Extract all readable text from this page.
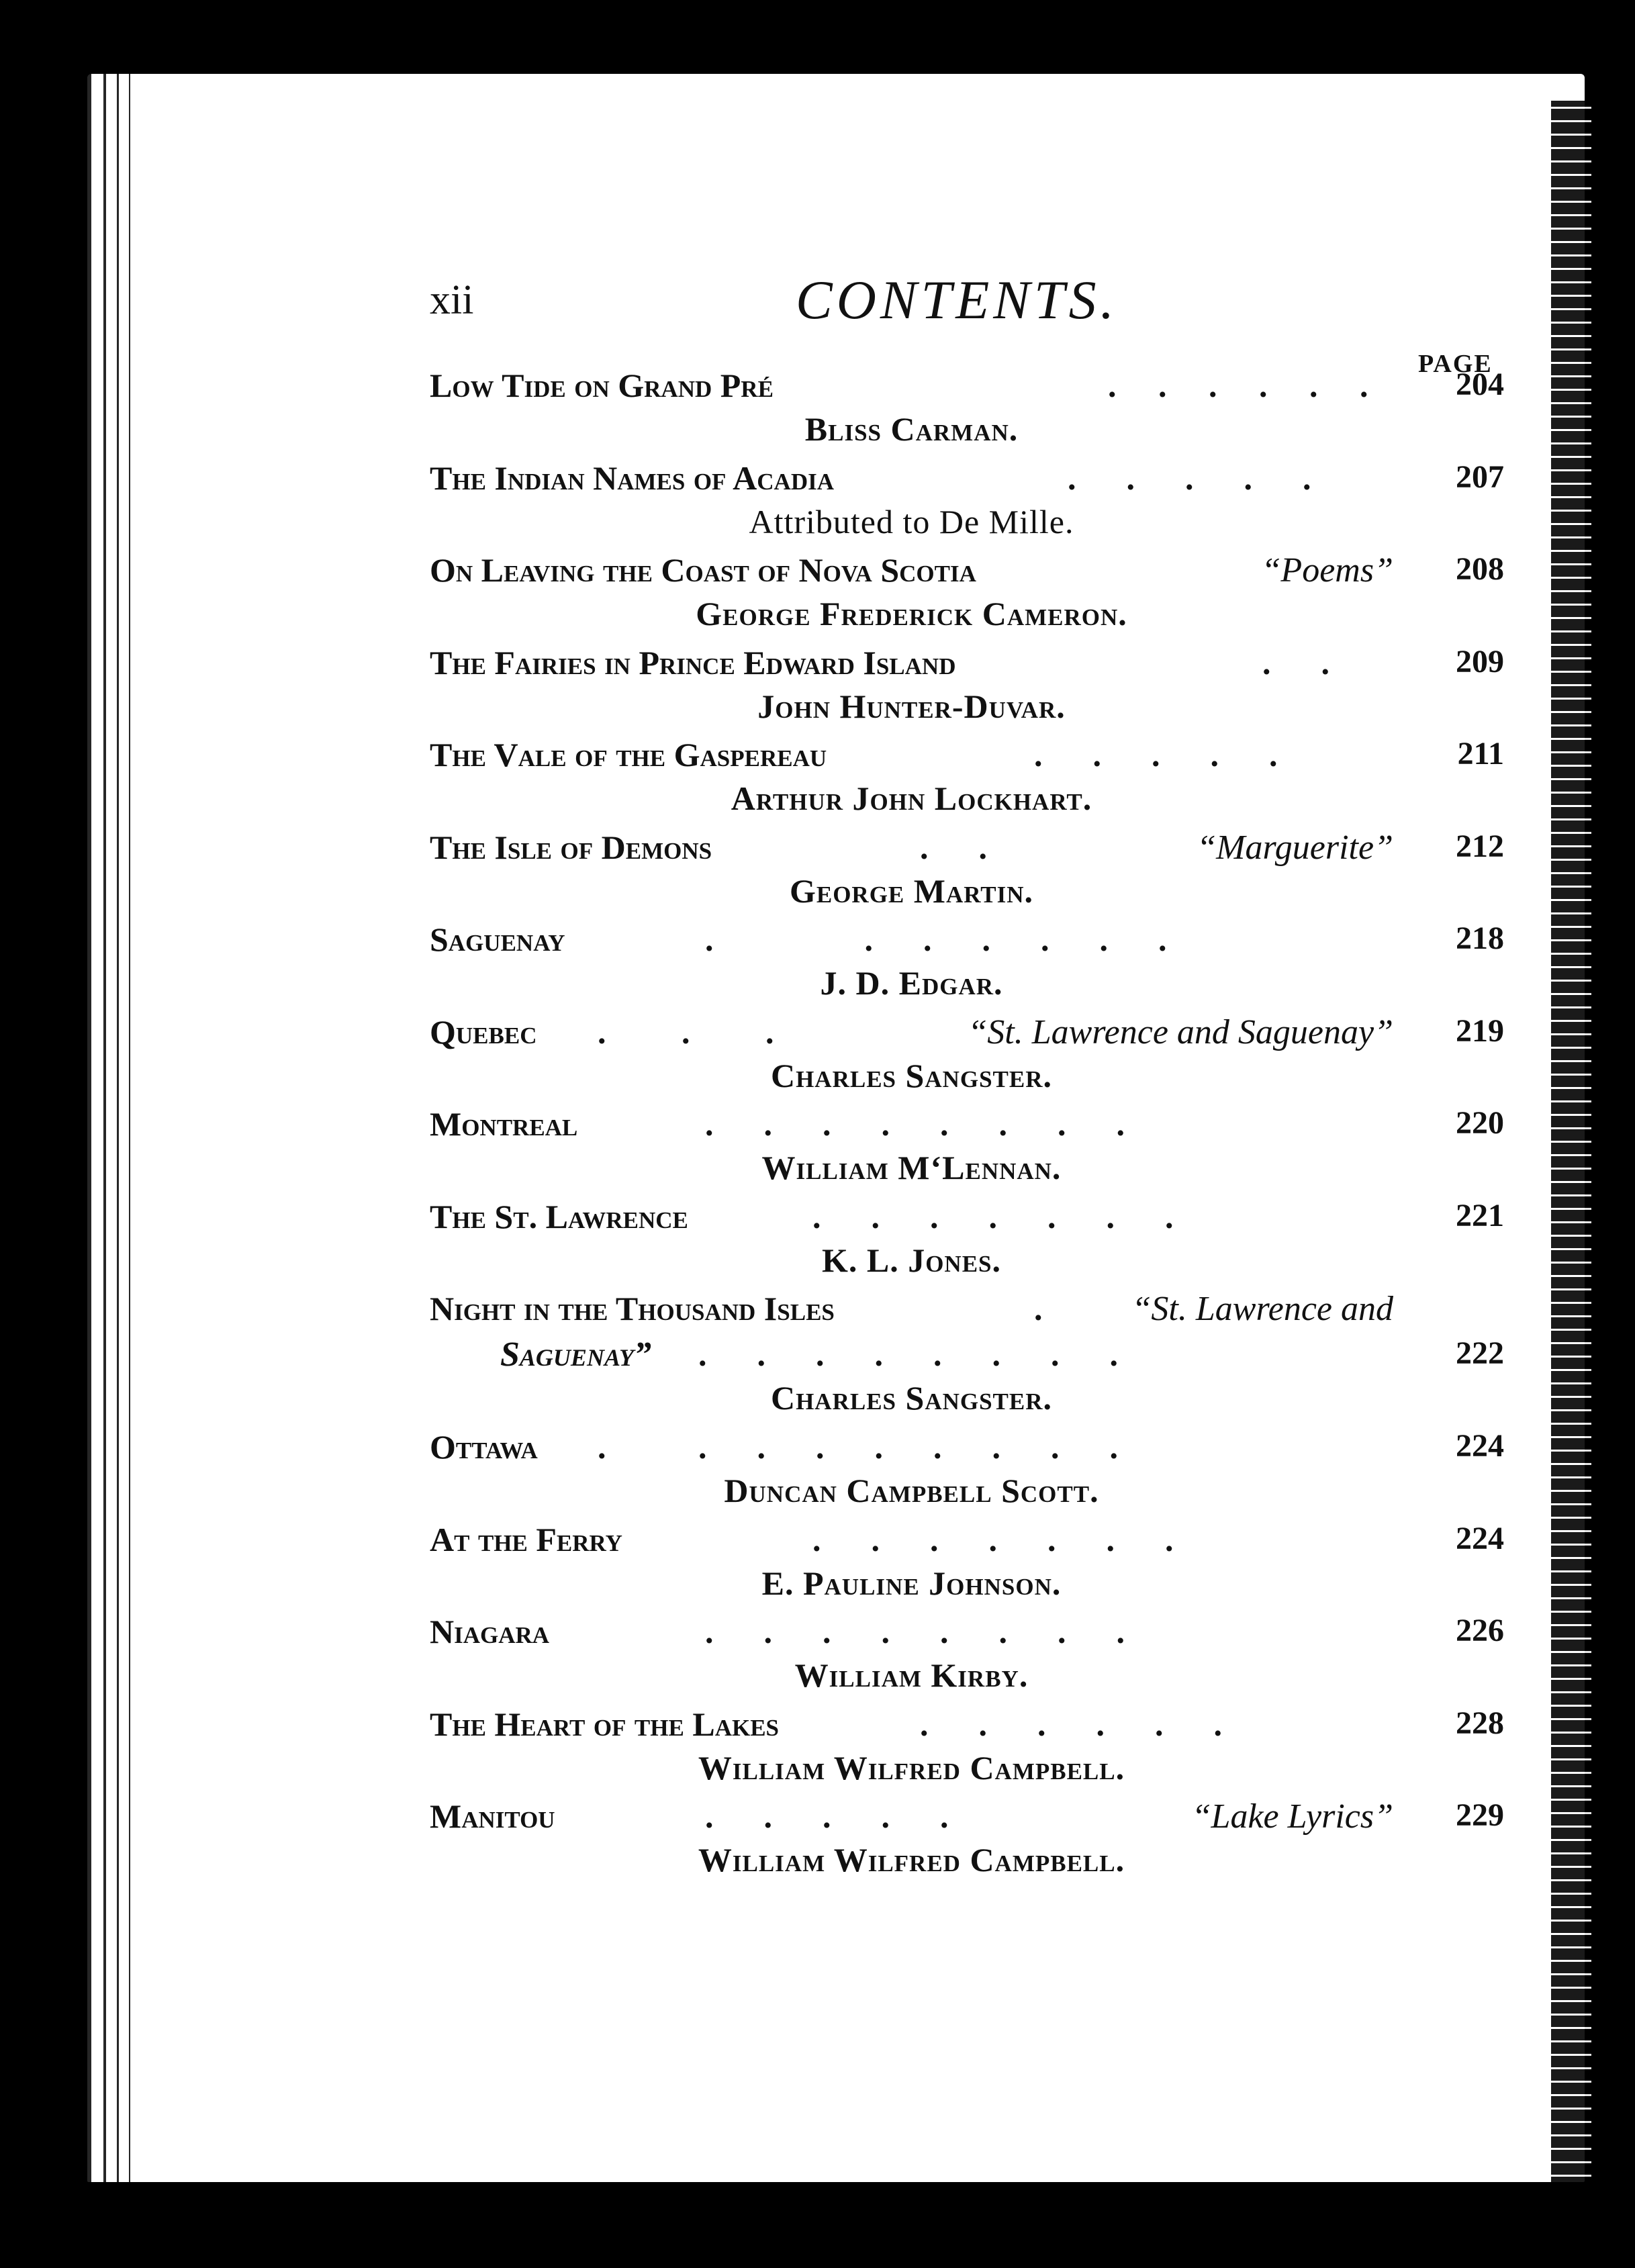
xii	CONTENTS.
PAGE
Low Tide on Grand Pré	.     .     .     .     .     .	204
Bliss Carman.
The Indian Names of Acadia	.      .      .      .      .	207
Attributed to De Mille.
On Leaving the Coast of Nova Scotia	“Poems” 208
George Frederick Cameron.
The Fairies in Prince Edward Island	.      .	209
John Hunter-Duvar.
The Vale of the Gaspereau	.      .      .      .      .	211
Arthur John Lockhart.
The Isle of Demons	.      .	“Marguerite” 212
George Martin.
Saguenay	.                  .      .      .      .      .      .	218
J. D. Edgar.
Quebec .         .         .	“St. Lawrence and Saguenay” 219
Charles Sangster.
Montreal	.      .      .      .      .      .      .      .	220
William M‘Lennan.
The St. Lawrence	.      .      .      .      .      .      .	221
K. L. Jones.
Night in the Thousand Isles	.	“St. Lawrence and
Saguenay” .      .      .      .      .      .      .      .	222
Charles Sangster.
Ottawa .           .      .      .      .      .      .      .      .	224
Duncan Campbell Scott.
At the Ferry	.      .      .      .      .      .      .	224
E. Pauline Johnson.
Niagara	.      .      .      .      .      .      .      .	226
William Kirby.
The Heart of the Lakes	.      .      .      .      .      .	228
William Wilfred Campbell.
Manitou	.      .      .      .      .	“Lake Lyrics” 229
William Wilfred Campbell.
